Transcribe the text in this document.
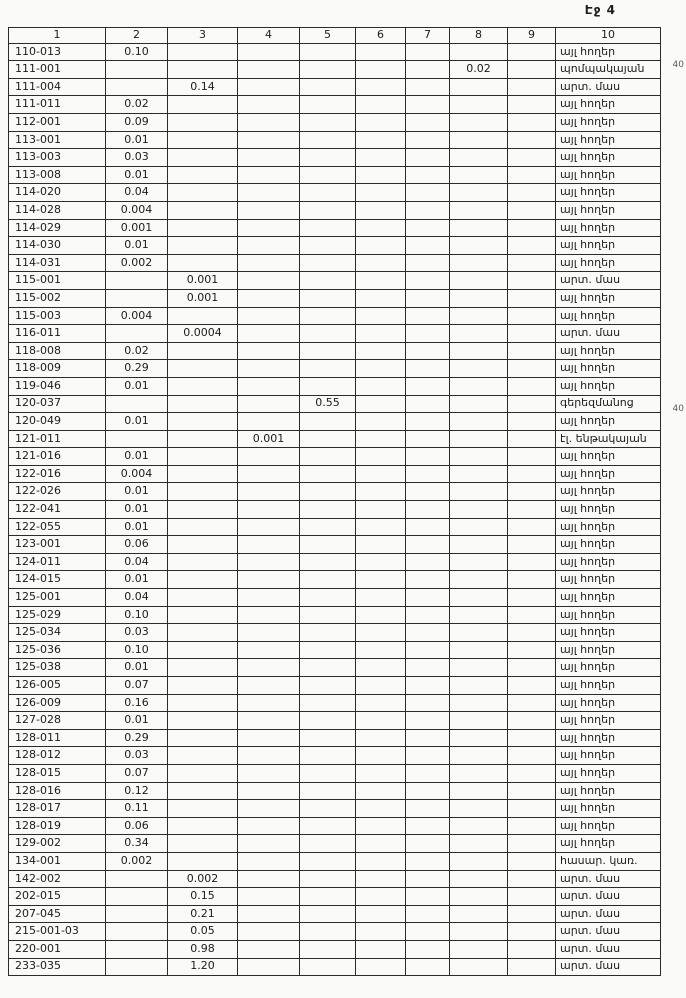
Էջ 4
40
40
1	2	3	4	5	6	7	8	9	10
110-013	0.10								այլ հողեր
111-001							0.02		պոմպակայան
111-004		0.14							արտ. մաս
111-011	0.02								այլ հողեր
112-001	0.09								այլ հողեր
113-001	0.01								այլ հողեր
113-003	0.03								այլ հողեր
113-008	0.01								այլ հողեր
114-020	0.04								այլ հողեր
114-028	0.004								այլ հողեր
114-029	0.001								այլ հողեր
114-030	0.01								այլ հողեր
114-031	0.002								այլ հողեր
115-001		0.001							արտ. մաս
115-002		0.001							այլ հողեր
115-003	0.004								այլ հողեր
116-011		0.0004							արտ. մաս
118-008	0.02								այլ հողեր
118-009	0.29								այլ հողեր
119-046	0.01								այլ հողեր
120-037				0.55					գերեզմանոց
120-049	0.01								այլ հողեր
121-011			0.001						էլ. ենթակայան
121-016	0.01								այլ հողեր
122-016	0.004								այլ հողեր
122-026	0.01								այլ հողեր
122-041	0.01								այլ հողեր
122-055	0.01								այլ հողեր
123-001	0.06								այլ հողեր
124-011	0.04								այլ հողեր
124-015	0.01								այլ հողեր
125-001	0.04								այլ հողեր
125-029	0.10								այլ հողեր
125-034	0.03								այլ հողեր
125-036	0.10								այլ հողեր
125-038	0.01								այլ հողեր
126-005	0.07								այլ հողեր
126-009	0.16								այլ հողեր
127-028	0.01								այլ հողեր
128-011	0.29								այլ հողեր
128-012	0.03								այլ հողեր
128-015	0.07								այլ հողեր
128-016	0.12								այլ հողեր
128-017	0.11								այլ հողեր
128-019	0.06								այլ հողեր
129-002	0.34								այլ հողեր
134-001	0.002								հասար. կառ.
142-002		0.002							արտ. մաս
202-015		0.15							արտ. մաս
207-045		0.21							արտ. մաս
215-001-03		0.05							արտ. մաս
220-001		0.98							արտ. մաս
233-035		1.20							արտ. մաս
